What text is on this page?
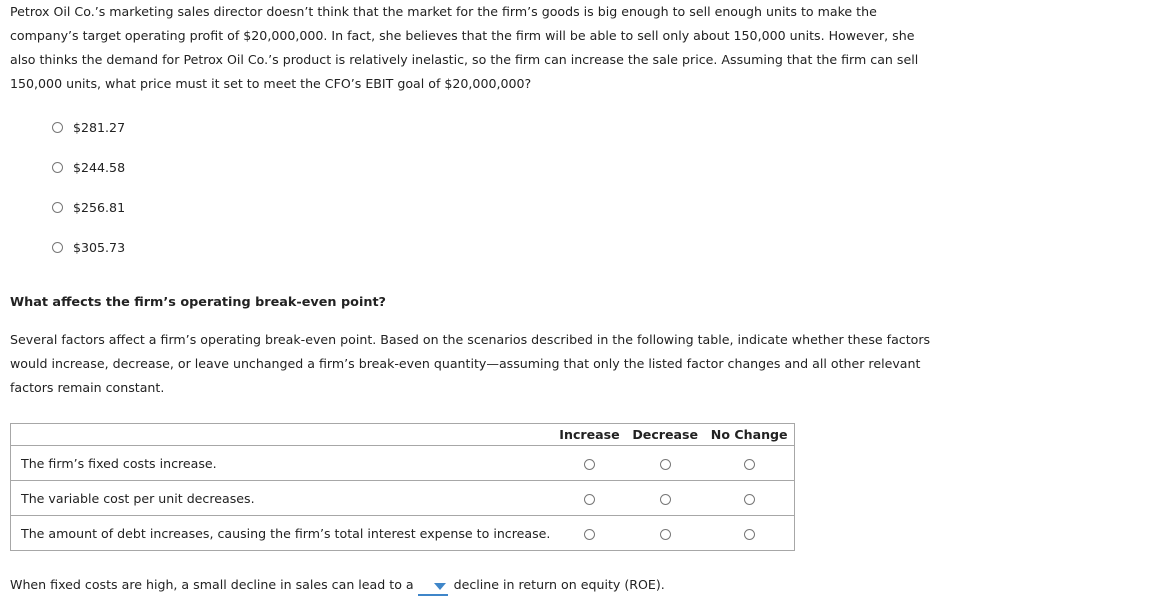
Petrox Oil Co.’s marketing sales director doesn’t think that the market for the firm’s goods is big enough to sell enough units to make the company’s target operating profit of $20,000,000. In fact, she believes that the firm will be able to sell only about 150,000 units. However, she also thinks the demand for Petrox Oil Co.’s product is relatively inelastic, so the firm can increase the sale price. Assuming that the firm can sell 150,000 units, what price must it set to meet the CFO’s EBIT goal of $20,000,000?

$281.27
$244.58
$256.81
$305.73
What affects the firm’s operating break-even point?

Several factors affect a firm’s operating break-even point. Based on the scenarios described in the following table, indicate whether these factors would increase, decrease, or leave unchanged a firm’s break-even quantity—assuming that only the listed factor changes and all other relevant factors remain constant.

	Increase	Decrease	No Change
The firm’s fixed costs increase.			
The variable cost per unit decreases.			
The amount of debt increases, causing the firm’s total interest expense to increase.			

When fixed costs are high, a small decline in sales can lead to a	decline in return on equity (ROE).
